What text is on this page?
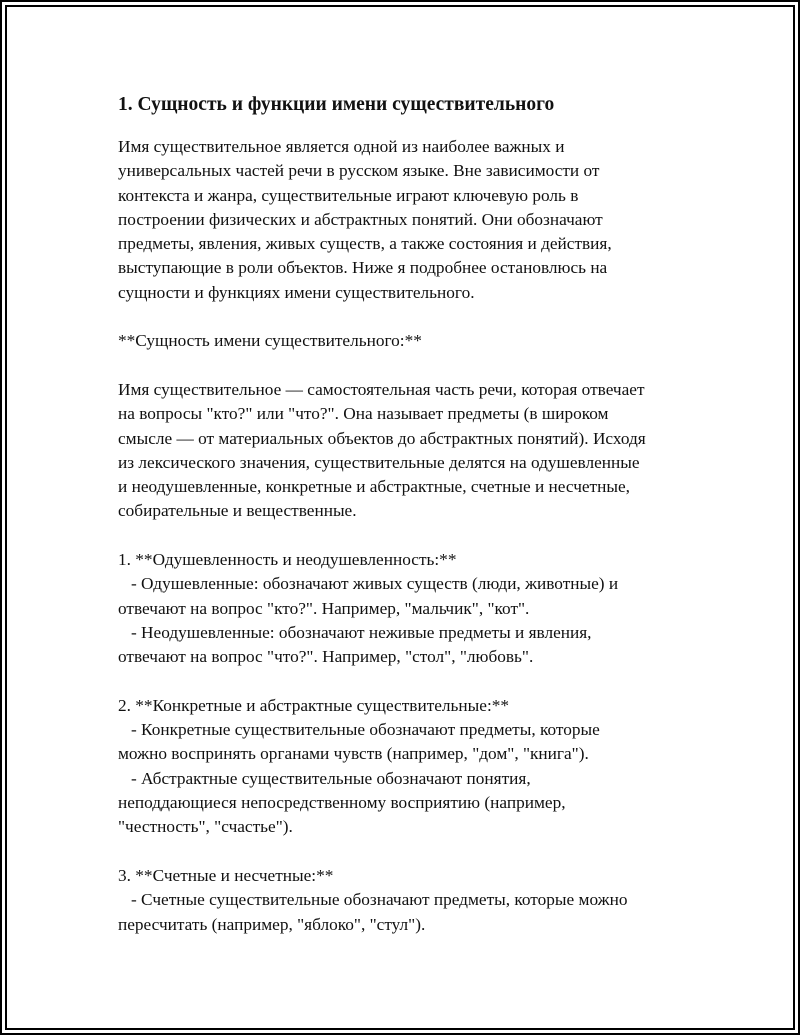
1. Сущность и функции имени существительного

Имя существительное является одной из наиболее важных и
универсальных частей речи в русском языке. Вне зависимости от
контекста и жанра, существительные играют ключевую роль в
построении физических и абстрактных понятий. Они обозначают
предметы, явления, живых существ, а также состояния и действия,
выступающие в роли объектов. Ниже я подробнее остановлюсь на
сущности и функциях имени существительного.

**Сущность имени существительного:**

Имя существительное — самостоятельная часть речи, которая отвечает
на вопросы "кто?" или "что?". Она называет предметы (в широком
смысле — от материальных объектов до абстрактных понятий). Исходя
из лексического значения, существительные делятся на одушевленные
и неодушевленные, конкретные и абстрактные, счетные и несчетные,
собирательные и вещественные.

1. **Одушевленность и неодушевленность:**
- Одушевленные: обозначают живых существ (люди, животные) и
отвечают на вопрос "кто?". Например, "мальчик", "кот".
- Неодушевленные: обозначают неживые предметы и явления,
отвечают на вопрос "что?". Например, "стол", "любовь".

2. **Конкретные и абстрактные существительные:**
- Конкретные существительные обозначают предметы, которые
можно воспринять органами чувств (например, "дом", "книга").
- Абстрактные существительные обозначают понятия,
неподдающиеся непосредственному восприятию (например,
"честность", "счастье").

3. **Счетные и несчетные:**
- Счетные существительные обозначают предметы, которые можно
пересчитать (например, "яблоко", "стул").
